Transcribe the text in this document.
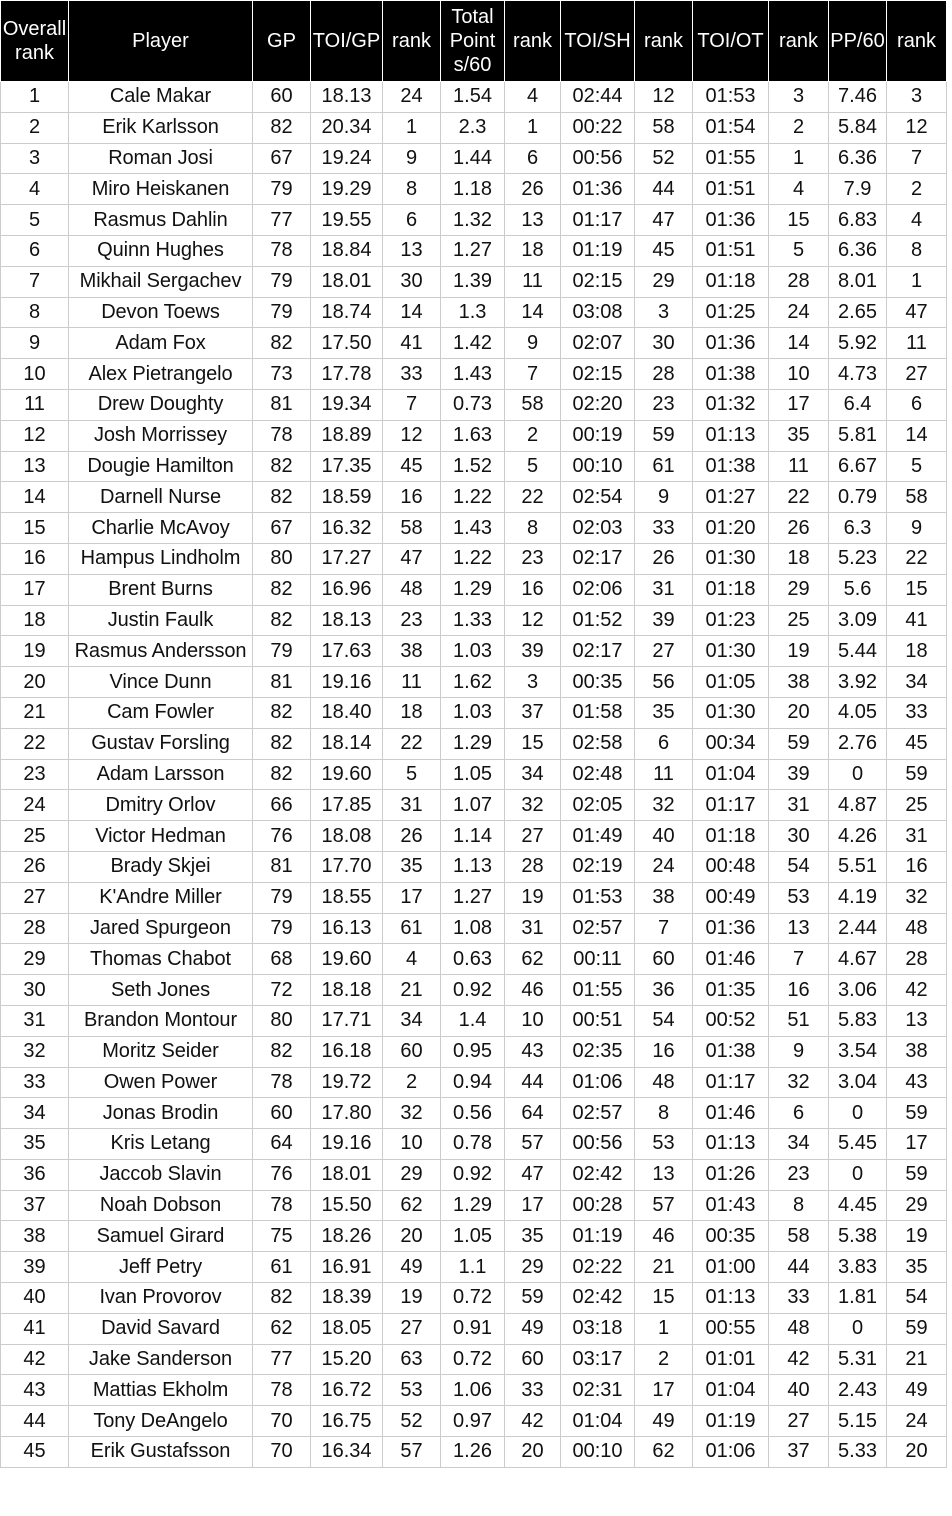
Overall rank	Player	GP	TOI/GP	rank	Total Points/60	rank	TOI/SH	rank	TOI/OT	rank	PP/60	rank
1	Cale Makar	60	18.13	24	1.54	4	02:44	12	01:53	3	7.46	3
2	Erik Karlsson	82	20.34	1	2.3	1	00:22	58	01:54	2	5.84	12
3	Roman Josi	67	19.24	9	1.44	6	00:56	52	01:55	1	6.36	7
4	Miro Heiskanen	79	19.29	8	1.18	26	01:36	44	01:51	4	7.9	2
5	Rasmus Dahlin	77	19.55	6	1.32	13	01:17	47	01:36	15	6.83	4
6	Quinn Hughes	78	18.84	13	1.27	18	01:19	45	01:51	5	6.36	8
7	Mikhail Sergachev	79	18.01	30	1.39	11	02:15	29	01:18	28	8.01	1
8	Devon Toews	79	18.74	14	1.3	14	03:08	3	01:25	24	2.65	47
9	Adam Fox	82	17.50	41	1.42	9	02:07	30	01:36	14	5.92	11
10	Alex Pietrangelo	73	17.78	33	1.43	7	02:15	28	01:38	10	4.73	27
11	Drew Doughty	81	19.34	7	0.73	58	02:20	23	01:32	17	6.4	6
12	Josh Morrissey	78	18.89	12	1.63	2	00:19	59	01:13	35	5.81	14
13	Dougie Hamilton	82	17.35	45	1.52	5	00:10	61	01:38	11	6.67	5
14	Darnell Nurse	82	18.59	16	1.22	22	02:54	9	01:27	22	0.79	58
15	Charlie McAvoy	67	16.32	58	1.43	8	02:03	33	01:20	26	6.3	9
16	Hampus Lindholm	80	17.27	47	1.22	23	02:17	26	01:30	18	5.23	22
17	Brent Burns	82	16.96	48	1.29	16	02:06	31	01:18	29	5.6	15
18	Justin Faulk	82	18.13	23	1.33	12	01:52	39	01:23	25	3.09	41
19	Rasmus Andersson	79	17.63	38	1.03	39	02:17	27	01:30	19	5.44	18
20	Vince Dunn	81	19.16	11	1.62	3	00:35	56	01:05	38	3.92	34
21	Cam Fowler	82	18.40	18	1.03	37	01:58	35	01:30	20	4.05	33
22	Gustav Forsling	82	18.14	22	1.29	15	02:58	6	00:34	59	2.76	45
23	Adam Larsson	82	19.60	5	1.05	34	02:48	11	01:04	39	0	59
24	Dmitry Orlov	66	17.85	31	1.07	32	02:05	32	01:17	31	4.87	25
25	Victor Hedman	76	18.08	26	1.14	27	01:49	40	01:18	30	4.26	31
26	Brady Skjei	81	17.70	35	1.13	28	02:19	24	00:48	54	5.51	16
27	K'Andre Miller	79	18.55	17	1.27	19	01:53	38	00:49	53	4.19	32
28	Jared Spurgeon	79	16.13	61	1.08	31	02:57	7	01:36	13	2.44	48
29	Thomas Chabot	68	19.60	4	0.63	62	00:11	60	01:46	7	4.67	28
30	Seth Jones	72	18.18	21	0.92	46	01:55	36	01:35	16	3.06	42
31	Brandon Montour	80	17.71	34	1.4	10	00:51	54	00:52	51	5.83	13
32	Moritz Seider	82	16.18	60	0.95	43	02:35	16	01:38	9	3.54	38
33	Owen Power	78	19.72	2	0.94	44	01:06	48	01:17	32	3.04	43
34	Jonas Brodin	60	17.80	32	0.56	64	02:57	8	01:46	6	0	59
35	Kris Letang	64	19.16	10	0.78	57	00:56	53	01:13	34	5.45	17
36	Jaccob Slavin	76	18.01	29	0.92	47	02:42	13	01:26	23	0	59
37	Noah Dobson	78	15.50	62	1.29	17	00:28	57	01:43	8	4.45	29
38	Samuel Girard	75	18.26	20	1.05	35	01:19	46	00:35	58	5.38	19
39	Jeff Petry	61	16.91	49	1.1	29	02:22	21	01:00	44	3.83	35
40	Ivan Provorov	82	18.39	19	0.72	59	02:42	15	01:13	33	1.81	54
41	David Savard	62	18.05	27	0.91	49	03:18	1	00:55	48	0	59
42	Jake Sanderson	77	15.20	63	0.72	60	03:17	2	01:01	42	5.31	21
43	Mattias Ekholm	78	16.72	53	1.06	33	02:31	17	01:04	40	2.43	49
44	Tony DeAngelo	70	16.75	52	0.97	42	01:04	49	01:19	27	5.15	24
45	Erik Gustafsson	70	16.34	57	1.26	20	00:10	62	01:06	37	5.33	20
